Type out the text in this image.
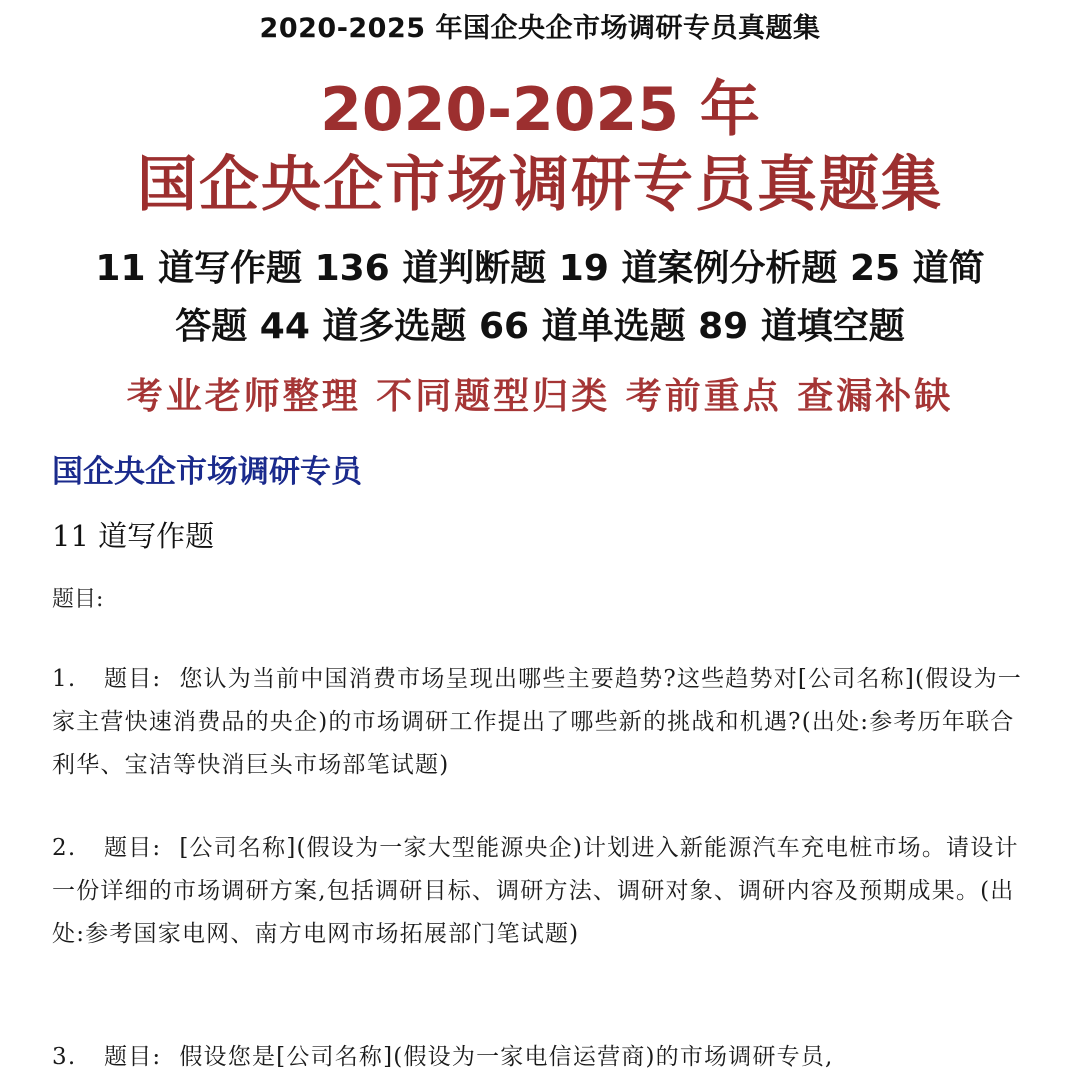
2020-2025 年国企央企市场调研专员真题集
2020-2025 年
国企央企市场调研专员真题集
11 道写作题 136 道判断题 19 道案例分析题 25 道简
答题 44 道多选题 66 道单选题 89 道填空题
考业老师整理 不同题型归类 考前重点 查漏补缺
国企央企市场调研专员
11 道写作题
题目:
1. 题目: 您认为当前中国消费市场呈现出哪些主要趋势?这些趋势对[公司名称](假设为一家主营快速消费品的央企)的市场调研工作提出了哪些新的挑战和机遇?(出处:参考历年联合利华、宝洁等快消巨头市场部笔试题)
2. 题目: [公司名称](假设为一家大型能源央企)计划进入新能源汽车充电桩市场。请设计一份详细的市场调研方案,包括调研目标、调研方法、调研对象、调研内容及预期成果。(出处:参考国家电网、南方电网市场拓展部门笔试题)
3. 题目: 假设您是[公司名称](假设为一家电信运营商)的市场调研专员,
